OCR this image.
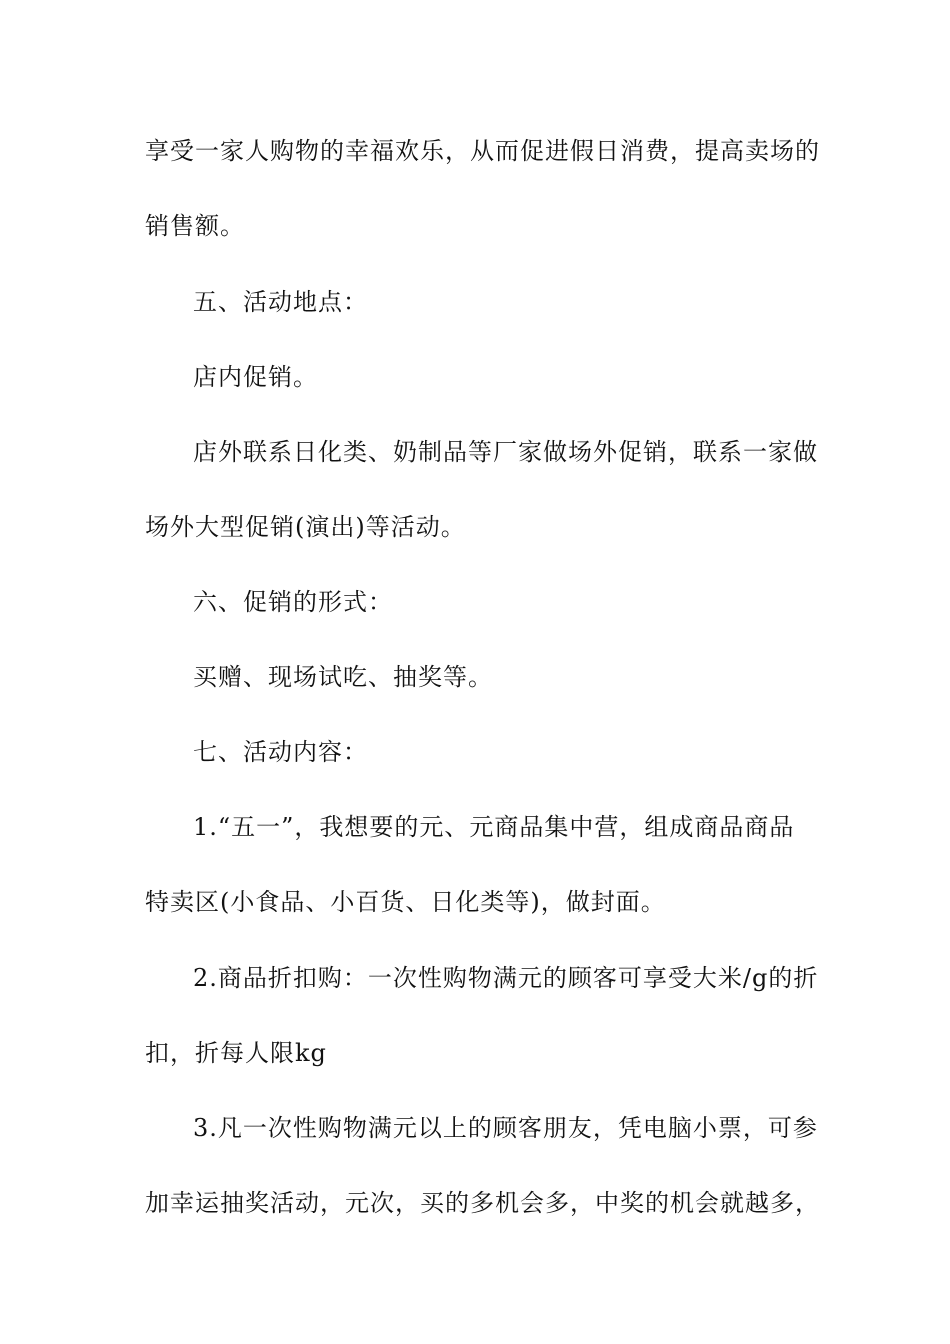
享受一家人购物的幸福欢乐，从而促进假日消费，提高卖场的
销售额。
五、活动地点：
店内促销。
店外联系日化类、奶制品等厂家做场外促销，联系一家做
场外大型促销(演出)等活动。
六、促销的形式：
买赠、现场试吃、抽奖等。
七、活动内容：
1.“五一”，我想要的元、元商品集中营，组成商品商品
特卖区(小食品、小百货、日化类等)，做封面。
2.商品折扣购：一次性购物满元的顾客可享受大米/g的折
扣，折每人限kg
3.凡一次性购物满元以上的顾客朋友，凭电脑小票，可参
加幸运抽奖活动，元次，买的多机会多，中奖的机会就越多，
